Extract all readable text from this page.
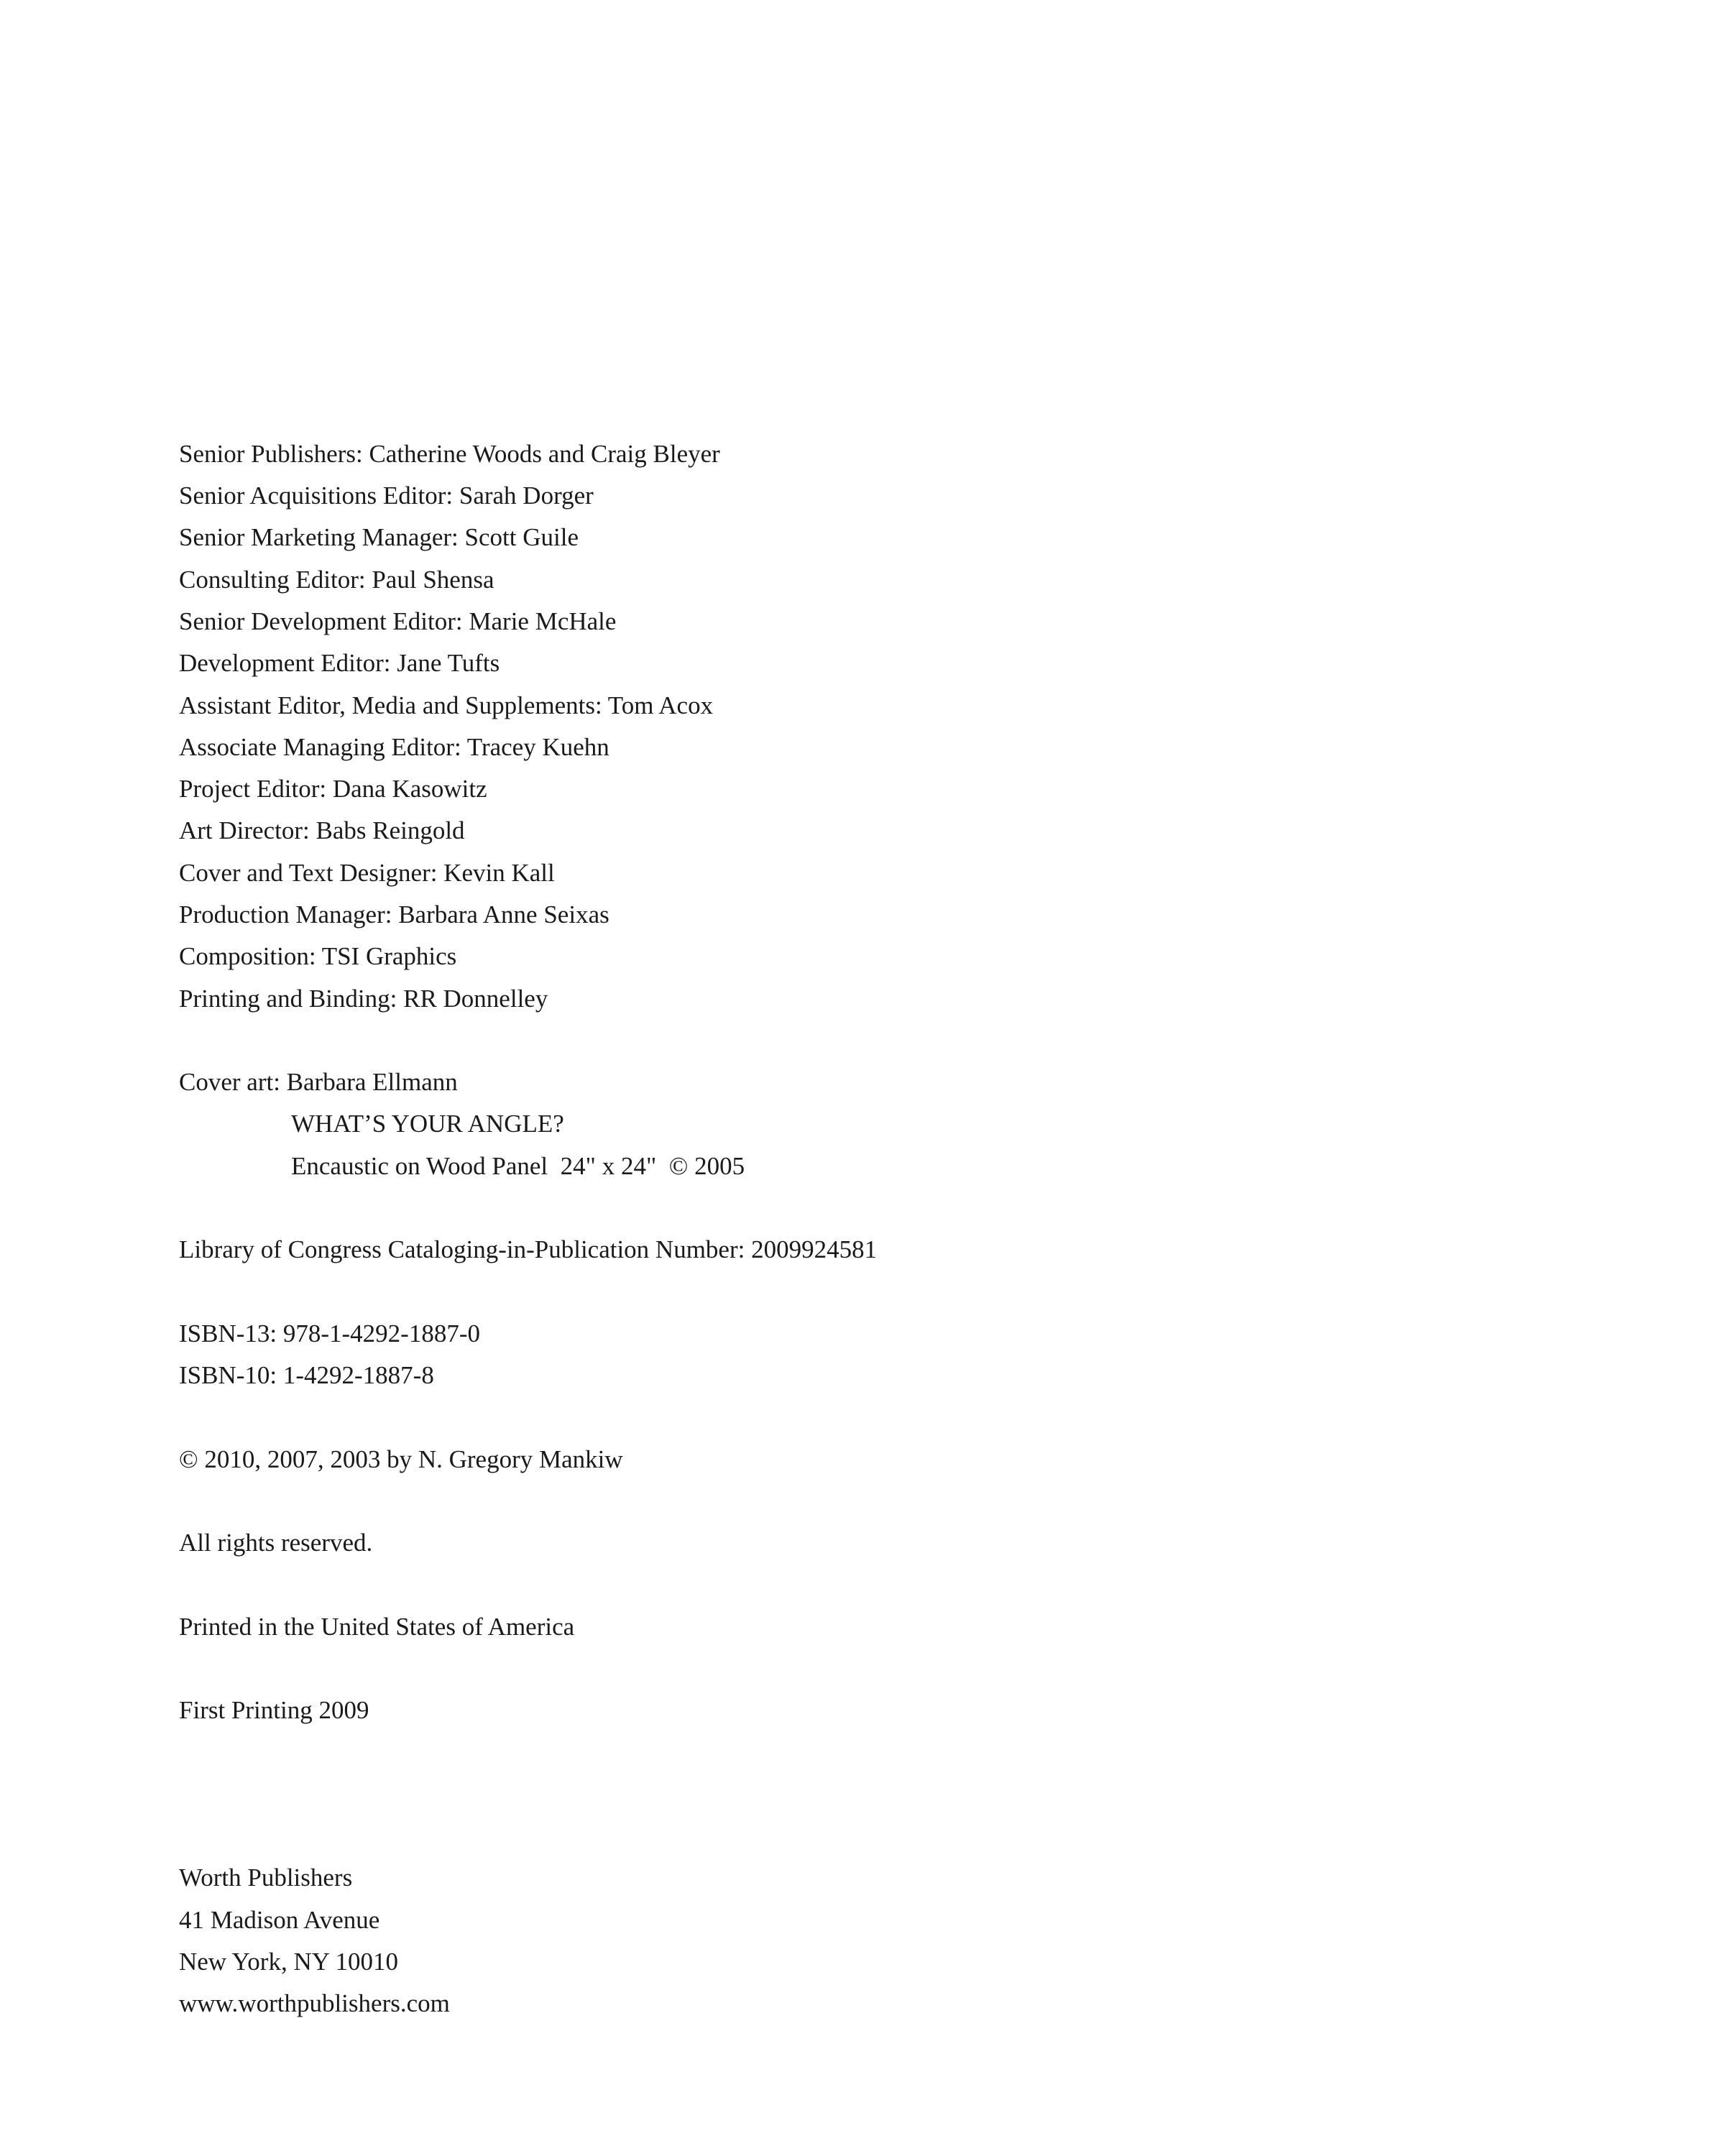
Senior Publishers: Catherine Woods and Craig Bleyer
Senior Acquisitions Editor: Sarah Dorger
Senior Marketing Manager: Scott Guile
Consulting Editor: Paul Shensa
Senior Development Editor: Marie McHale
Development Editor: Jane Tufts
Assistant Editor, Media and Supplements: Tom Acox
Associate Managing Editor: Tracey Kuehn
Project Editor: Dana Kasowitz
Art Director: Babs Reingold
Cover and Text Designer: Kevin Kall
Production Manager: Barbara Anne Seixas
Composition: TSI Graphics
Printing and Binding: RR Donnelley
Cover art: Barbara Ellmann
WHAT’S YOUR ANGLE?
Encaustic on Wood Panel  24" x 24"  © 2005
Library of Congress Cataloging-in-Publication Number: 2009924581
ISBN-13: 978-1-4292-1887-0
ISBN-10: 1-4292-1887-8
© 2010, 2007, 2003 by N. Gregory Mankiw
All rights reserved.
Printed in the United States of America
First Printing 2009
Worth Publishers
41 Madison Avenue
New York, NY 10010
www.worthpublishers.com
